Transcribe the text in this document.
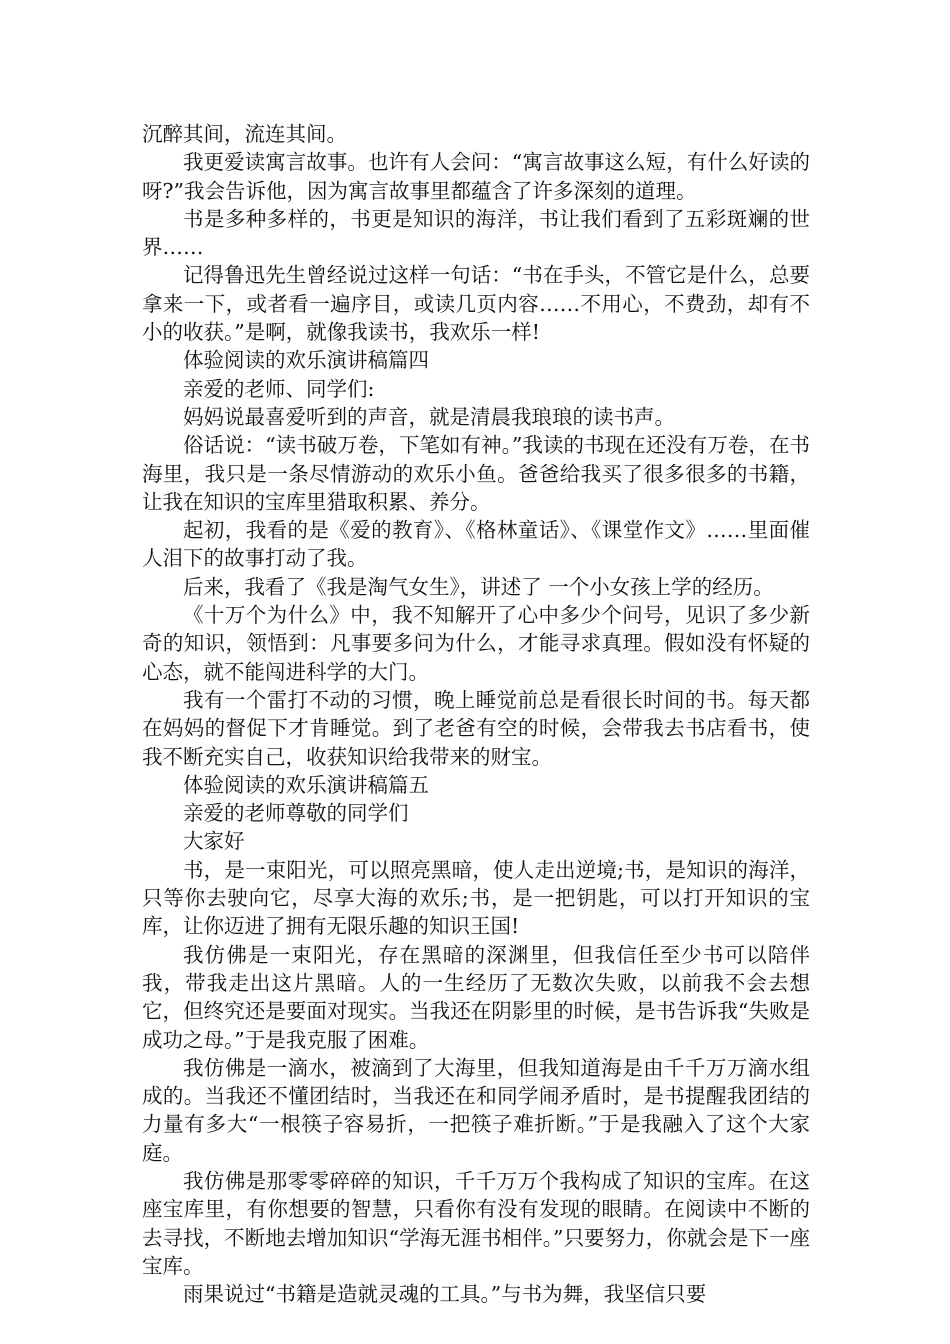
沉醉其间，流连其间。

我更爱读寓言故事。也许有人会问：“寓言故事这么短，有什么好读的呀?”我会告诉他，因为寓言故事里都蕴含了许多深刻的道理。

书是多种多样的，书更是知识的海洋，书让我们看到了五彩斑斓的世界……

记得鲁迅先生曾经说过这样一句话：“书在手头，不管它是什么，总要拿来一下，或者看一遍序目，或读几页内容……不用心，不费劲，却有不小的收获。”是啊，就像我读书，我欢乐一样!

体验阅读的欢乐演讲稿篇四

亲爱的老师、同学们:

妈妈说最喜爱听到的声音，就是清晨我琅琅的读书声。

俗话说：“读书破万卷，下笔如有神。”我读的书现在还没有万卷，在书海里，我只是一条尽情游动的欢乐小鱼。爸爸给我买了很多很多的书籍，让我在知识的宝库里猎取积累、养分。

起初，我看的是《爱的教育》、《格林童话》、《课堂作文》……里面催人泪下的故事打动了我。

后来，我看了《我是淘气女生》，讲述了 一个小女孩上学的经历。

《十万个为什么》中，我不知解开了心中多少个问号，见识了多少新奇的知识，领悟到：凡事要多问为什么，才能寻求真理。假如没有怀疑的心态，就不能闯进科学的大门。

我有一个雷打不动的习惯，晚上睡觉前总是看很长时间的书。每天都在妈妈的督促下才肯睡觉。到了老爸有空的时候，会带我去书店看书，使我不断充实自己，收获知识给我带来的财宝。

体验阅读的欢乐演讲稿篇五

亲爱的老师尊敬的同学们

大家好

书，是一束阳光，可以照亮黑暗，使人走出逆境;书，是知识的海洋，只等你去驶向它，尽享大海的欢乐;书，是一把钥匙，可以打开知识的宝库，让你迈进了拥有无限乐趣的知识王国!

我仿佛是一束阳光，存在黑暗的深渊里，但我信任至少书可以陪伴我，带我走出这片黑暗。人的一生经历了无数次失败，以前我不会去想它，但终究还是要面对现实。当我还在阴影里的时候，是书告诉我“失败是成功之母。”于是我克服了困难。

我仿佛是一滴水，被滴到了大海里，但我知道海是由千千万万滴水组成的。当我还不懂团结时，当我还在和同学闹矛盾时，是书提醒我团结的力量有多大“一根筷子容易折，一把筷子难折断。”于是我融入了这个大家庭。

我仿佛是那零零碎碎的知识，千千万万个我构成了知识的宝库。在这座宝库里，有你想要的智慧，只看你有没有发现的眼睛。在阅读中不断的去寻找，不断地去增加知识“学海无涯书相伴。”只要努力，你就会是下一座宝库。

雨果说过“书籍是造就灵魂的工具。”与书为舞，我坚信只要
